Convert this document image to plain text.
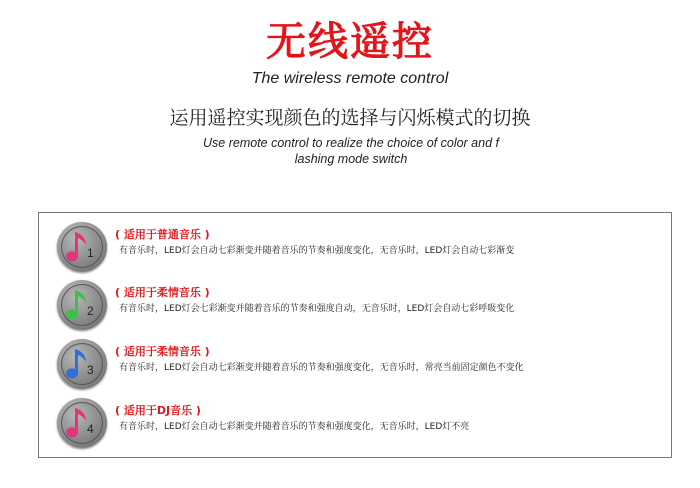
无线遥控
The wireless remote control
运用遥控实现颜色的选择与闪烁模式的切换
Use remote control to realize the choice of color and f
lashing mode switch
1
( 适用于普通音乐 )
有音乐时，LED灯会自动七彩渐变并随着音乐的节奏和强度变化，无音乐时，LED灯会自动七彩渐变
2
( 适用于柔情音乐 )
有音乐时，LED灯会七彩渐变并随着音乐的节奏和强度自动，无音乐时，LED灯会自动七彩呼吸变化
3
( 适用于柔情音乐 )
有音乐时，LED灯会自动七彩渐变并随着音乐的节奏和强度变化，无音乐时，常亮当前固定颜色不变化
4
( 适用于DJ音乐 )
有音乐时，LED灯会自动七彩渐变并随着音乐的节奏和强度变化，无音乐时，LED灯不亮
